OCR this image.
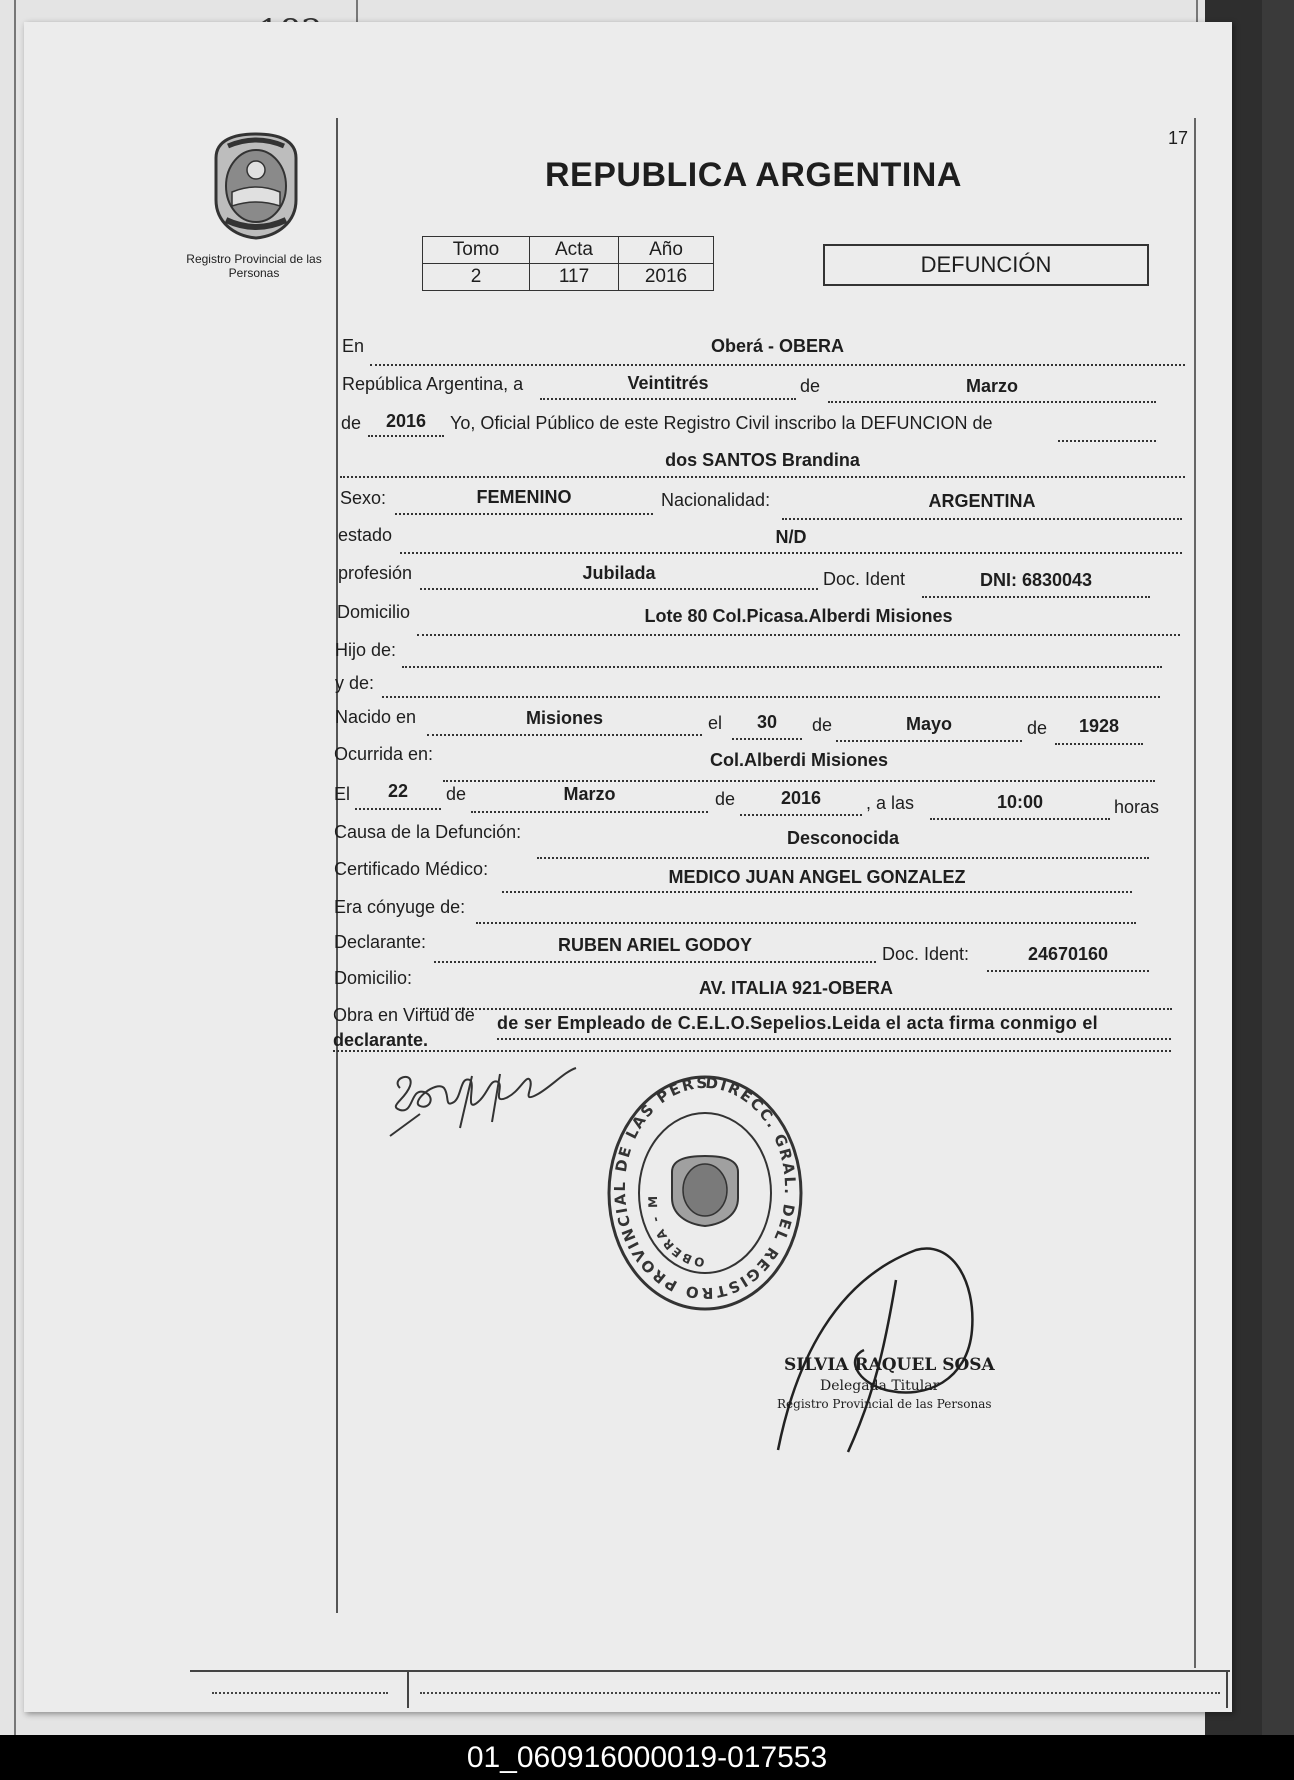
Registro Provincial de las Personas
17
REPUBLICA ARGENTINA
Tomo	Acta	Año
2	117	2016	DEFUNCIÓN
En	Oberá - OBERA
República Argentina, a	Veintitrés	de	Marzo
de	2016	Yo, Oficial Público de este Registro Civil inscribo la DEFUNCION de
dos SANTOS Brandina
Sexo:	FEMENINO	Nacionalidad:	ARGENTINA
estado	N/D
profesión	Jubilada	Doc. Ident	DNI: 6830043
Domicilio	Lote 80 Col.Picasa.Alberdi Misiones
Hijo de:
y de:
Nacido en	Misiones	el	30	de	Mayo	de	1928
Ocurrida en:	Col.Alberdi Misiones
El	22	de	Marzo	de	2016	, a las	10:00	horas
Causa de la Defunción:	Desconocida
Certificado Médico:	MEDICO JUAN ANGEL GONZALEZ
Era cónyuge de:
Declarante:	RUBEN ARIEL GODOY	Doc. Ident:	24670160
Domicilio:	AV. ITALIA 921-OBERA
Obra en Virtud de de ser Empleado de C.E.L.O.Sepelios.Leida el acta firma conmigo el
declarante.
DIRECC. GRAL. DEL REGISTRO PROVINCIAL DE LAS PERS
OBERA - M
SILVIA RAQUEL SOSA
Delegada Titular
Registro Provincial de las Personas
01_060916000019-017553
